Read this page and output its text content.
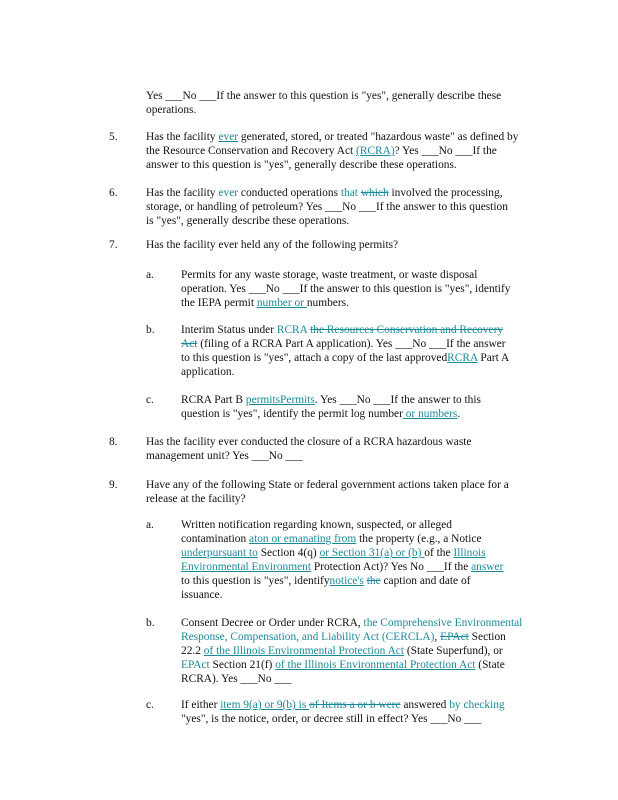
Yes ___No ___If the answer to this question is "yes", generally describe these

operations.

5. Has the facility ever generated, stored, or treated "hazardous waste" as defined by

the Resource Conservation and Recovery Act (RCRA)? Yes ___No ___If the

answer to this question is "yes", generally describe these operations.

6. Has the facility ever conducted operations that which involved the processing,

storage, or handling of petroleum? Yes ___No ___If the answer to this question

is "yes", generally describe these operations.

7. Has the facility ever held any of the following permits?

a. Permits for any waste storage, waste treatment, or waste disposal

operation. Yes ___No ___If the answer to this question is "yes", identify

the IEPA permit number or numbers.

b. Interim Status under RCRA the Resources Conservation and Recovery

Act (filing of a RCRA Part A application). Yes ___No ___If the answer

to this question is "yes", attach a copy of the last approvedRCRA Part A

application.

c. RCRA Part B permitsPermits. Yes ___No ___If the answer to this

question is "yes", identify the permit log number or numbers.

8. Has the facility ever conducted the closure of a RCRA hazardous waste

management unit? Yes ___No ___

9. Have any of the following State or federal government actions taken place for a

release at the facility?

a. Written notification regarding known, suspected, or alleged

contamination aton or emanating from the property (e.g., a Notice

underpursuant to Section 4(q) or Section 31(a) or (b) of the Illinois

Environmental Environment Protection Act)? Yes No ___If the answer

to this question is "yes", identifynotice's the caption and date of

issuance.

b. Consent Decree or Order under RCRA, the Comprehensive Environmental

Response, Compensation, and Liability Act (CERCLA), EPAct Section

22.2 of the Illinois Environmental Protection Act (State Superfund), or

EPAct Section 21(f) of the Illinois Environmental Protection Act (State

RCRA). Yes ___No ___

c. If either item 9(a) or 9(b) is of Items a or b were answered by checking

"yes", is the notice, order, or decree still in effect? Yes ___No ___
